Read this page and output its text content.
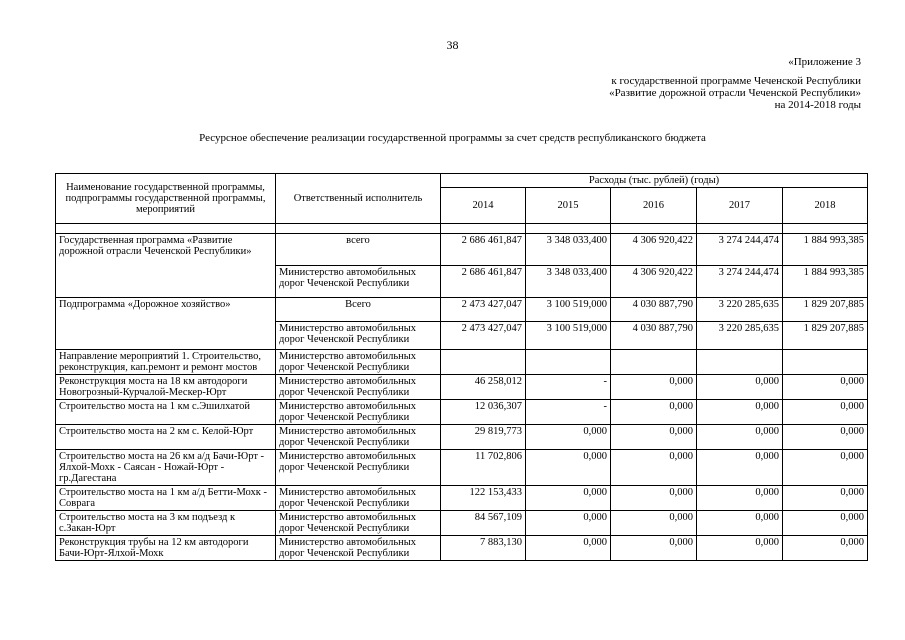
38
«Приложение 3
к государственной программе Чеченской Республики
«Развитие дорожной отрасли Чеченской Республики»
на 2014-2018 годы
Ресурсное обеспечение реализации государственной программы за счет средств республиканского бюджета
Наименование государственной программы, подпрограммы государственной программы, мероприятий	Ответственный исполнитель	Расходы (тыс. рублей) (годы)				
		2014	2015	2016	2017	2018

Государственная программа «Развитие дорожной отрасли Чеченской Республики»	всего	2 686 461,847	3 348 033,400	4 306 920,422	3 274 244,474	1 884 993,385
	Министерство автомобильных дорог Чеченской Республики	2 686 461,847	3 348 033,400	4 306 920,422	3 274 244,474	1 884 993,385
Подпрограмма «Дорожное хозяйство»	Всего	2 473 427,047	3 100 519,000	4 030 887,790	3 220 285,635	1 829 207,885
	Министерство автомобильных дорог Чеченской Республики	2 473 427,047	3 100 519,000	4 030 887,790	3 220 285,635	1 829 207,885
Направление мероприятий 1. Строительство, реконструкция, кап.ремонт и ремонт мостов	Министерство автомобильных дорог Чеченской Республики					
Реконструкция моста на 18 км автодороги Новогрозный-Курчалой-Мескер-Юрт	Министерство автомобильных дорог Чеченской Республики	46 258,012	-	0,000	0,000	0,000
Строительство моста на 1 км с.Эшилхатой	Министерство автомобильных дорог Чеченской Республики	12 036,307	-	0,000	0,000	0,000
Строительство моста на 2 км с. Келой-Юрт	Министерство автомобильных дорог Чеченской Республики	29 819,773	0,000	0,000	0,000	0,000
Строительство моста на 26 км а/д Бачи-Юрт - Ялхой-Мохк - Саясан - Ножай-Юрт - гр.Дагестана	Министерство автомобильных дорог Чеченской Республики	11 702,806	0,000	0,000	0,000	0,000
Строительство моста на 1 км а/д Бетти-Мохк - Соврага	Министерство автомобильных дорог Чеченской Республики	122 153,433	0,000	0,000	0,000	0,000
Строительство моста на 3 км подъезд к с.Закан-Юрт	Министерство автомобильных дорог Чеченской Республики	84 567,109	0,000	0,000	0,000	0,000
Реконструкция трубы на 12 км автодороги Бачи-Юрт-Ялхой-Мохк	Министерство автомобильных дорог Чеченской Республики	7 883,130	0,000	0,000	0,000	0,000
